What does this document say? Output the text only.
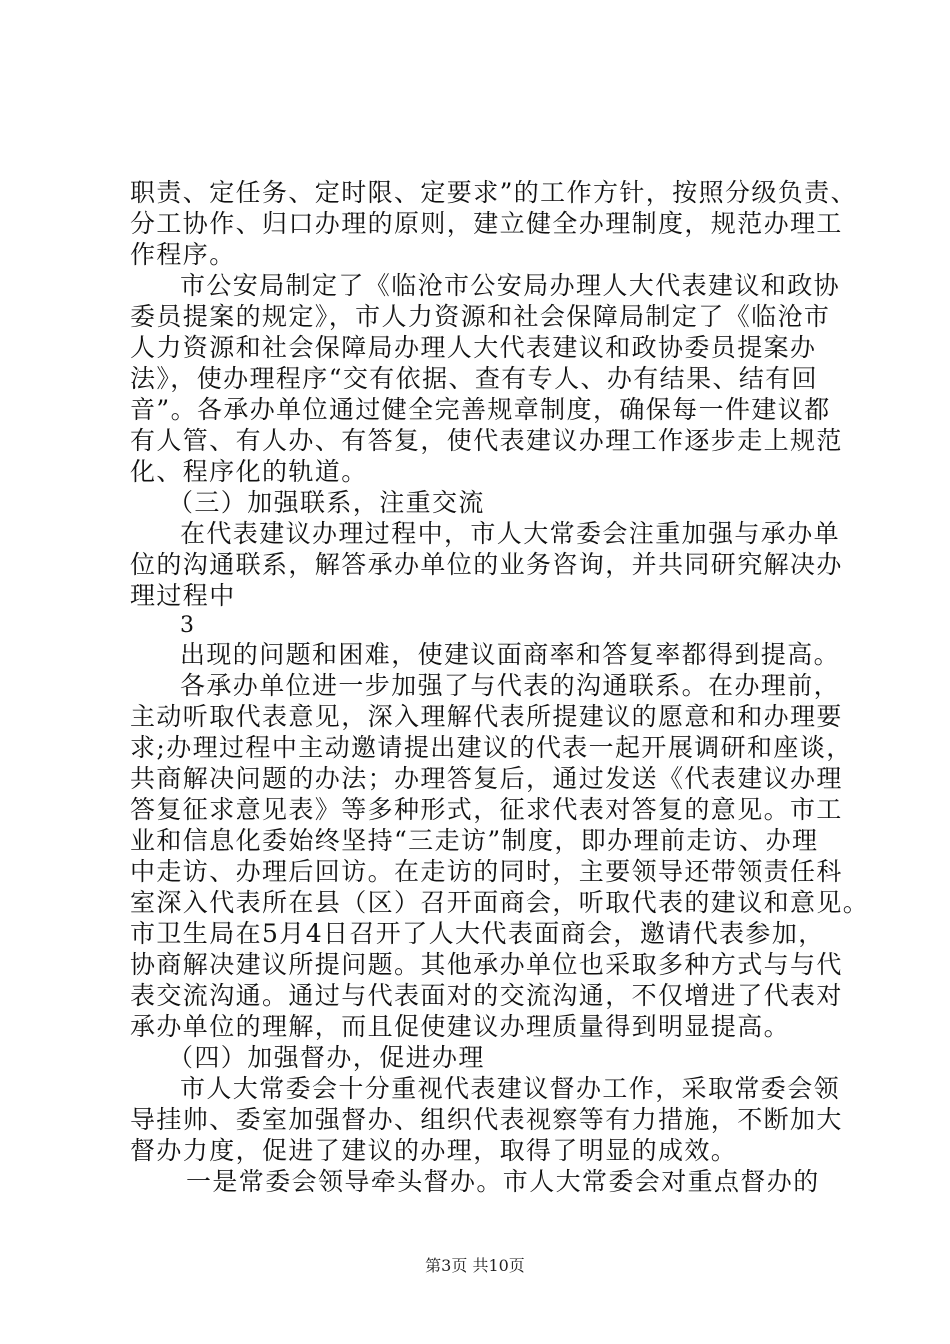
职责、定任务、定时限、定要求”的工作方针，按照分级负责、
分工协作、归口办理的原则，建立健全办理制度，规范办理工
作程序。
市公安局制定了《临沧市公安局办理人大代表建议和政协
委员提案的规定》，市人力资源和社会保障局制定了《临沧市
人力资源和社会保障局办理人大代表建议和政协委员提案办
法》，使办理程序“交有依据、查有专人、办有结果、结有回
音”。各承办单位通过健全完善规章制度，确保每一件建议都
有人管、有人办、有答复，使代表建议办理工作逐步走上规范
化、程序化的轨道。
（三）加强联系，注重交流
在代表建议办理过程中，市人大常委会注重加强与承办单
位的沟通联系，解答承办单位的业务咨询，并共同研究解决办
理过程中
3
出现的问题和困难，使建议面商率和答复率都得到提高。
各承办单位进一步加强了与代表的沟通联系。在办理前，
主动听取代表意见，深入理解代表所提建议的愿意和和办理要
求;办理过程中主动邀请提出建议的代表一起开展调研和座谈，
共商解决问题的办法；办理答复后，通过发送《代表建议办理
答复征求意见表》等多种形式，征求代表对答复的意见。市工
业和信息化委始终坚持“三走访”制度，即办理前走访、办理
中走访、办理后回访。在走访的同时，主要领导还带领责任科
室深入代表所在县（区）召开面商会，听取代表的建议和意见。
市卫生局在5月4日召开了人大代表面商会，邀请代表参加，
协商解决建议所提问题。其他承办单位也采取多种方式与与代
表交流沟通。通过与代表面对的交流沟通，不仅增进了代表对
承办单位的理解，而且促使建议办理质量得到明显提高。
（四）加强督办，促进办理
市人大常委会十分重视代表建议督办工作，采取常委会领
导挂帅、委室加强督办、组织代表视察等有力措施，不断加大
督办力度，促进了建议的办理，取得了明显的成效。
一是常委会领导牵头督办。市人大常委会对重点督办的
第3页 共10页
